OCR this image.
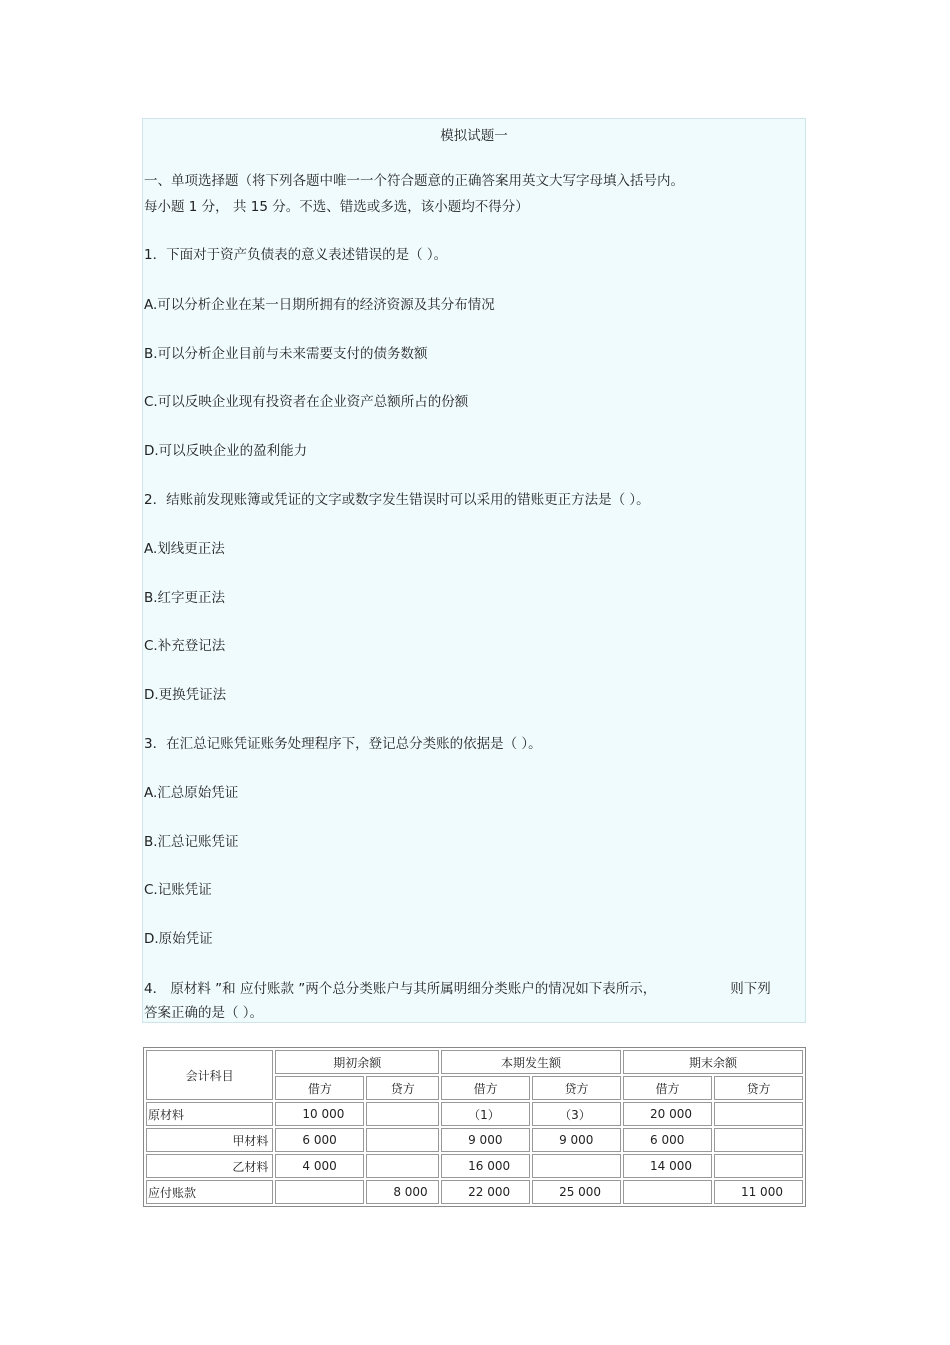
模拟试题一
一、单项选择题（将下列各题中唯一一个符合题意的正确答案用英文大写字母填入括号内。
每小题 1 分， 共 15 分。不选、错选或多选，该小题均不得分）
1．下面对于资产负债表的意义表述错误的是（ ）。
A.可以分析企业在某一日期所拥有的经济资源及其分布情况
B.可以分析企业目前与未来需要支付的债务数额
C.可以反映企业现有投资者在企业资产总额所占的份额
D.可以反映企业的盈利能力
2．结账前发现账簿或凭证的文字或数字发生错误时可以采用的错账更正方法是（ ）。
A.划线更正法
B.红字更正法
C.补充登记法
D.更换凭证法
3．在汇总记账凭证账务处理程序下，登记总分类账的依据是（ ）。
A.汇总原始凭证
B.汇总记账凭证
C.记账凭证
D.原始凭证
4． 原材料 ”和 应付账款 ”两个总分类账户与其所属明细分类账户的情况如下表所示，	则下列
答案正确的是（ ）。
会计科目	期初余额		本期发生额		期末余额	
	借方	贷方	借方	贷方	借方	贷方
原材料	10 000		（1）	（3）	20 000	
甲材料	6 000		9 000	9 000	6 000	
乙材料	4 000		16 000		14 000	
应付账款		8 000	22 000	25 000		11 000
